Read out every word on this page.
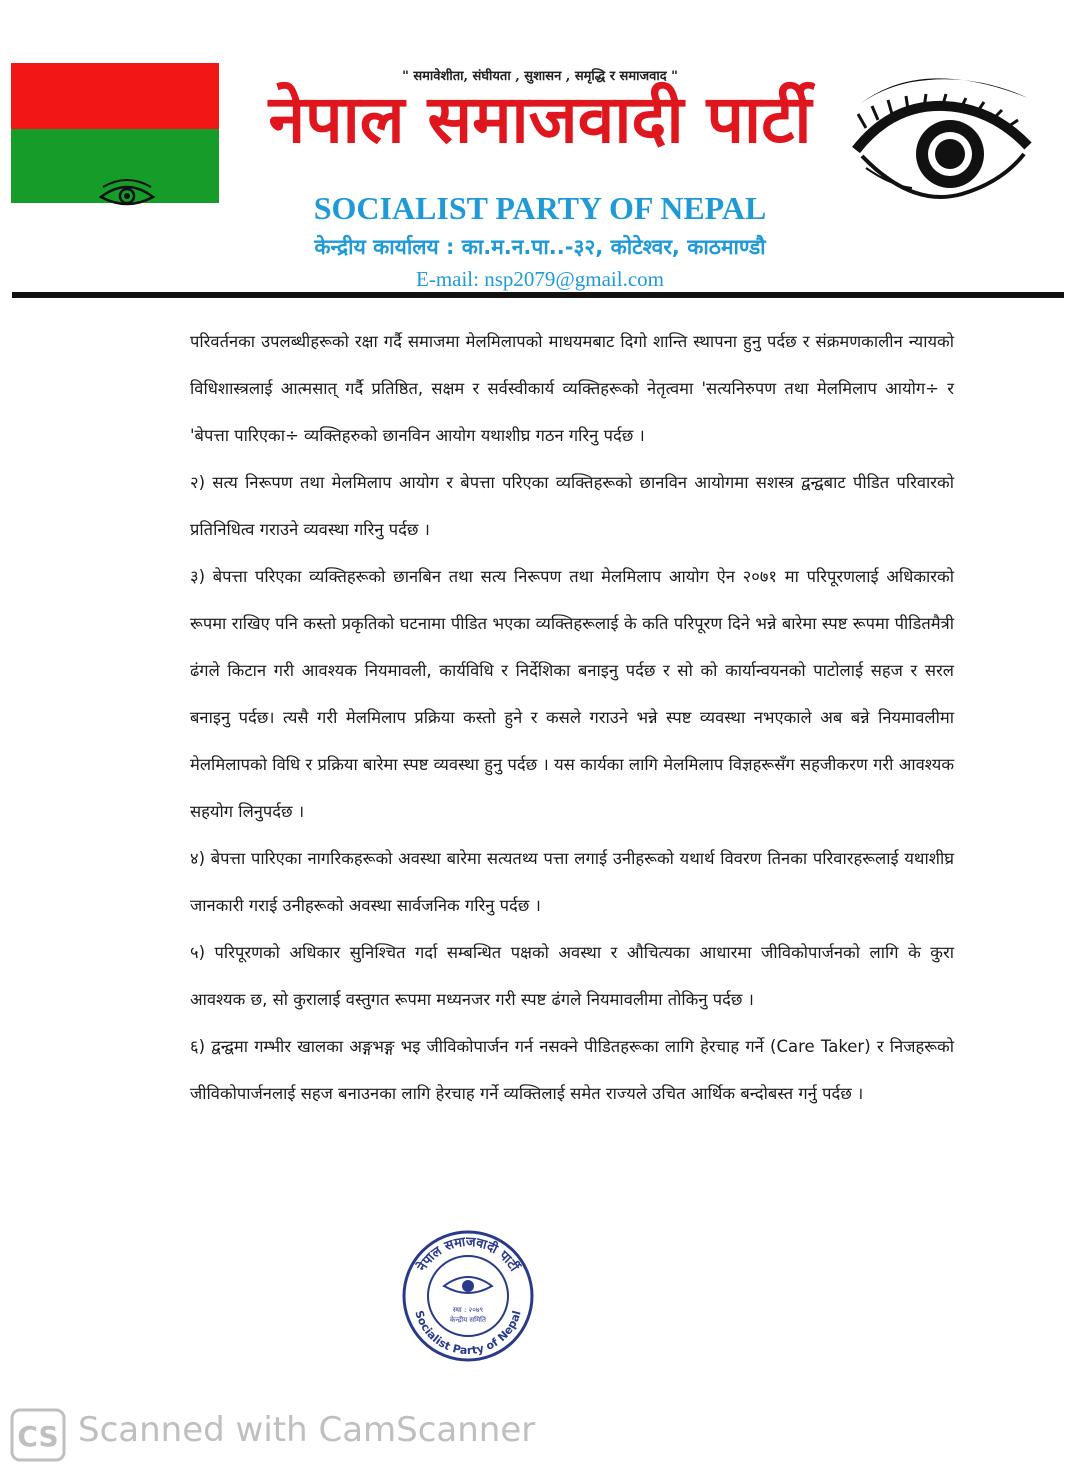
" समावेशीता, संघीयता , सुशासन , समृद्धि र समाजवाद "
नेपाल समाजवादी पार्टी
SOCIALIST PARTY OF NEPAL
केन्द्रीय कार्यालय : का.म.न.पा..-३२, कोटेश्वर, काठमाण्डौ
E-mail: nsp2079@gmail.com

परिवर्तनका उपलब्धीहरूको रक्षा गर्दै समाजमा मेलमिलापको माधयमबाट दिगो शान्ति स्थापना हुनु पर्दछ र संक्रमणकालीन न्यायको विधिशास्त्रलाई आत्मसात् गर्दै प्रतिष्ठित, सक्षम र सर्वस्वीकार्य व्यक्तिहरूको नेतृत्वमा 'सत्यनिरुपण तथा मेलमिलाप आयोग÷ र 'बेपत्ता पारिएका÷ व्यक्तिहरुको छानविन आयोग यथाशीघ्र गठन गरिनु पर्दछ ।

२) सत्य निरूपण तथा मेलमिलाप आयोग र बेपत्ता परिएका व्यक्तिहरूको छानविन आयोगमा सशस्त्र द्वन्द्वबाट पीडित परिवारको प्रतिनिधित्व गराउने व्यवस्था गरिनु पर्दछ ।

३) बेपत्ता परिएका व्यक्तिहरूको छानबिन तथा सत्य निरूपण तथा मेलमिलाप आयोग ऐन २०७१ मा परिपूरणलाई अधिकारको रूपमा राखिए पनि कस्तो प्रकृतिको घटनामा पीडित भएका व्यक्तिहरूलाई के कति परिपूरण दिने भन्ने बारेमा स्पष्ट रूपमा पीडितमैत्री ढंगले किटान गरी आवश्यक नियमावली, कार्यविधि र निर्देशिका बनाइनु पर्दछ र सो को कार्यान्वयनको पाटोलाई सहज र सरल बनाइनु पर्दछ। त्यसै गरी मेलमिलाप प्रक्रिया कस्तो हुने र कसले गराउने भन्ने स्पष्ट व्यवस्था नभएकाले अब बन्ने नियमावलीमा मेलमिलापको विधि र प्रक्रिया बारेमा स्पष्ट व्यवस्था हुनु पर्दछ । यस कार्यका लागि मेलमिलाप विज्ञहरूसँग सहजीकरण गरी आवश्यक सहयोग लिनुपर्दछ ।

४) बेपत्ता पारिएका नागरिकहरूको अवस्था बारेमा सत्यतथ्य पत्ता लगाई उनीहरूको यथार्थ विवरण तिनका परिवारहरूलाई यथाशीघ्र जानकारी गराई उनीहरूको अवस्था सार्वजनिक गरिनु पर्दछ ।

५) परिपूरणको अधिकार सुनिश्चित गर्दा सम्बन्धित पक्षको अवस्था र औचित्यका आधारमा जीविकोपार्जनको लागि के कुरा आवश्यक छ, सो कुरालाई वस्तुगत रूपमा मध्यनजर गरी स्पष्ट ढंगले नियमावलीमा तोकिनु पर्दछ ।

६) द्वन्द्वमा गम्भीर खालका अङ्गभङ्ग भइ जीविकोपार्जन गर्न नसक्ने पीडितहरूका लागि हेरचाह गर्ने (Care Taker) र निजहरूको जीविकोपार्जनलाई सहज बनाउनका लागि हेरचाह गर्ने व्यक्तिलाई समेत राज्यले उचित आर्थिक बन्दोबस्त गर्नु पर्दछ ।

नेपाल समाजवादी पार्टी
Socialist Party of Nepal
स्था : २०७९
केन्द्रीय समिति
CS Scanned with CamScanner
